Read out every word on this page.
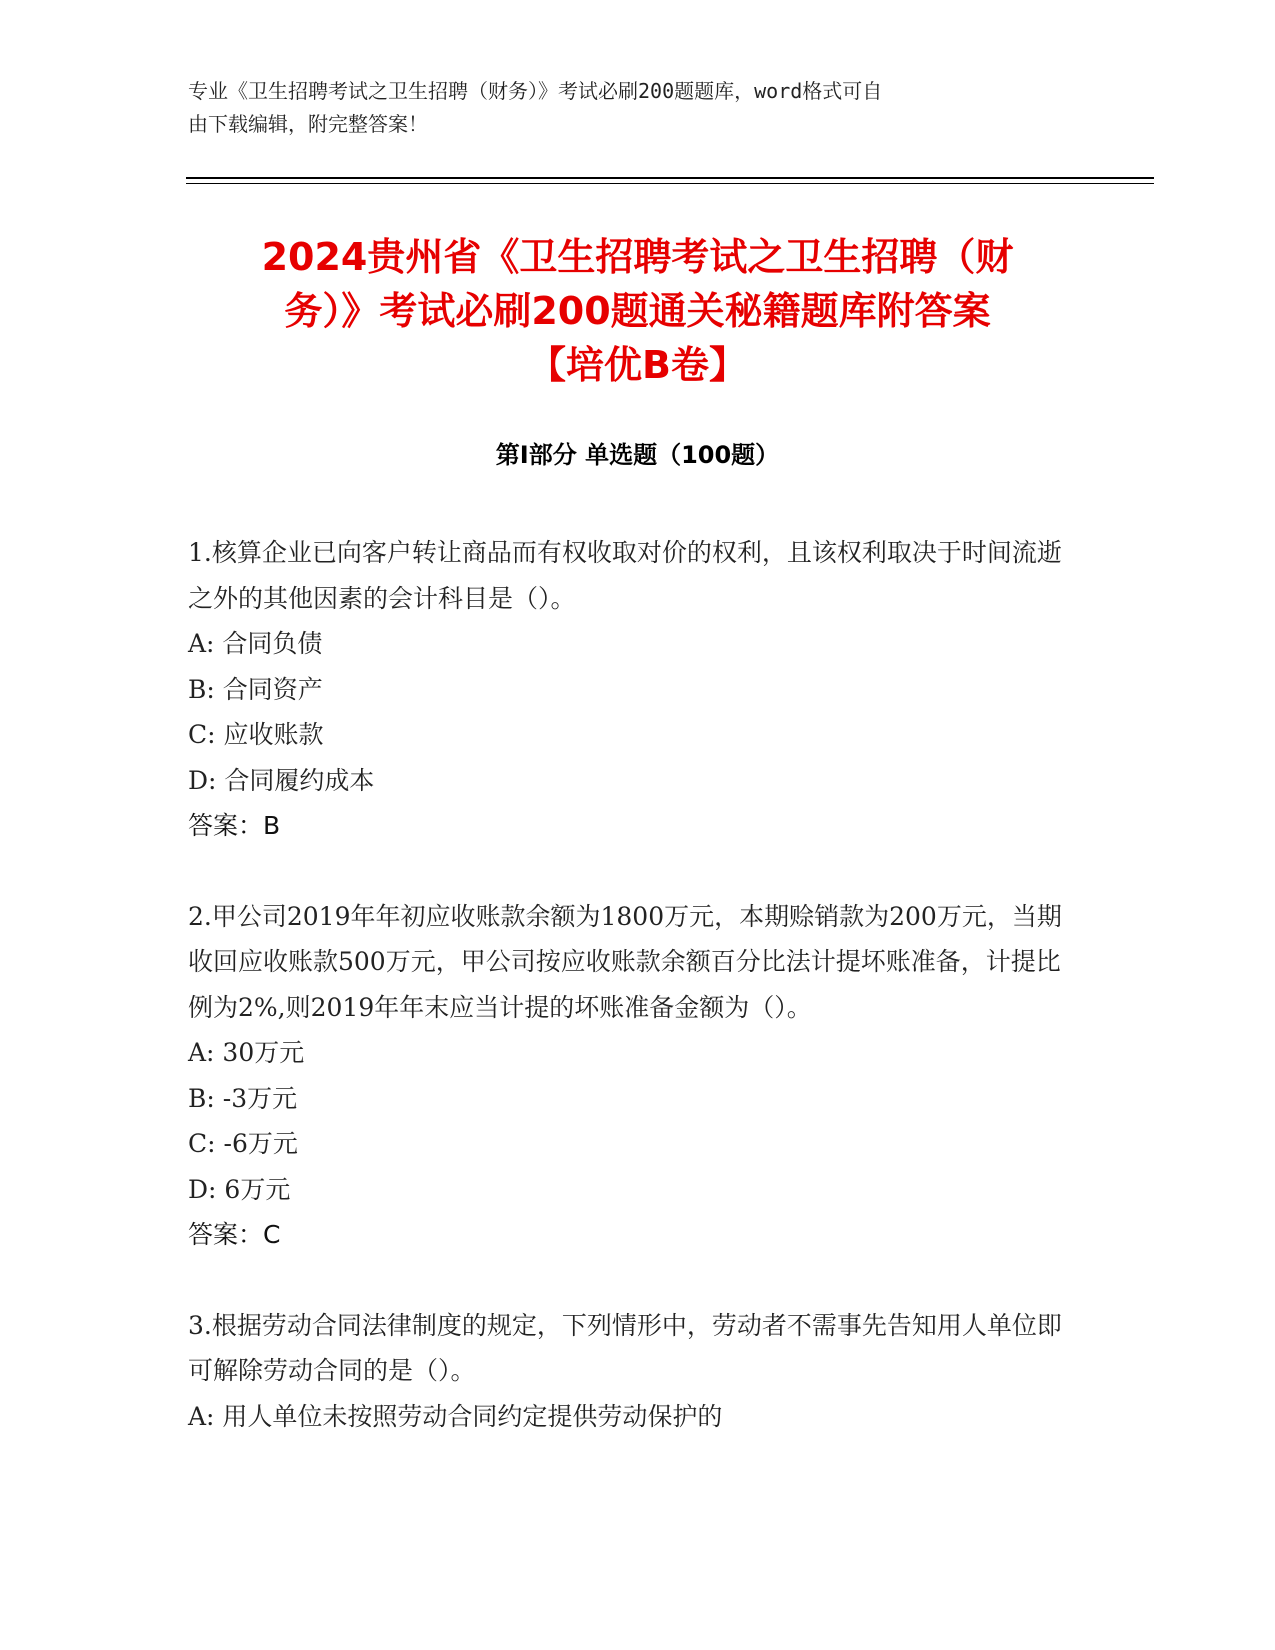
专业《卫生招聘考试之卫生招聘（财务）》考试必刷200题题库，word格式可自
由下载编辑，附完整答案！
2024贵州省《卫生招聘考试之卫生招聘（财
务）》考试必刷200题通关秘籍题库附答案
【培优B卷】
第I部分 单选题（100题）

1.核算企业已向客户转让商品而有权收取对价的权利，且该权利取决于时间流逝之外的其他因素的会计科目是（）。

A: 合同负债

B: 合同资产

C: 应收账款

D: 合同履约成本

答案：B

2.甲公司2019年年初应收账款余额为1800万元，本期赊销款为200万元，当期收回应收账款500万元，甲公司按应收账款余额百分比法计提坏账准备，计提比例为2%,则2019年年末应当计提的坏账准备金额为（）。

A: 30万元

B: -3万元

C: -6万元

D: 6万元

答案：C

3.根据劳动合同法律制度的规定，下列情形中，劳动者不需事先告知用人单位即可解除劳动合同的是（）。

A: 用人单位未按照劳动合同约定提供劳动保护的
